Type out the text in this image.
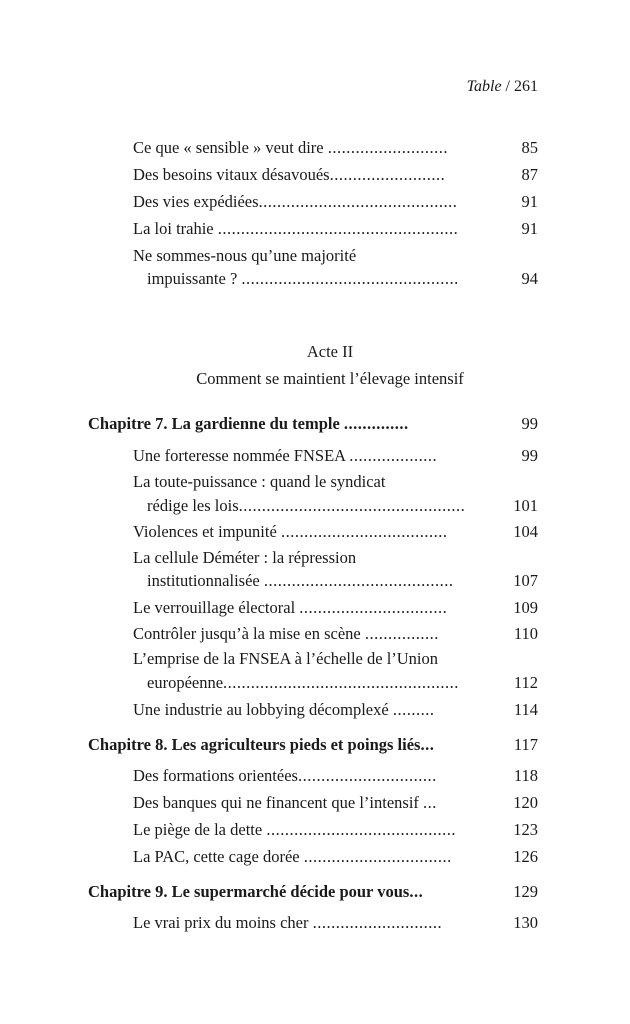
Table / 261
Ce que « sensible » veut dire ..........................	85
Des besoins vitaux désavoués.........................	87
Des vies expédiées...........................................	91
La loi trahie ....................................................	91
Ne sommes-nous qu’une majorité
impuissante ? ...............................................	94
Acte II
Comment se maintient l’élevage intensif
Chapitre 7. La gardienne du temple ..............	99
Une forteresse nommée FNSEA ...................	99
La toute-puissance : quand le syndicat
rédige les lois.................................................	101
Violences et impunité ....................................	104
La cellule Déméter : la répression
institutionnalisée .........................................	107
Le verrouillage électoral ................................	109
Contrôler jusqu’à la mise en scène ................	110
L’emprise de la FNSEA à l’échelle de l’Union
européenne...................................................	112
Une industrie au lobbying décomplexé .........	114
Chapitre 8. Les agriculteurs pieds et poings liés...	117
Des formations orientées..............................	118
Des banques qui ne financent que l’intensif ...	120
Le piège de la dette .........................................	123
La PAC, cette cage dorée ................................	126
Chapitre 9. Le supermarché décide pour vous...	129
Le vrai prix du moins cher ............................	130
